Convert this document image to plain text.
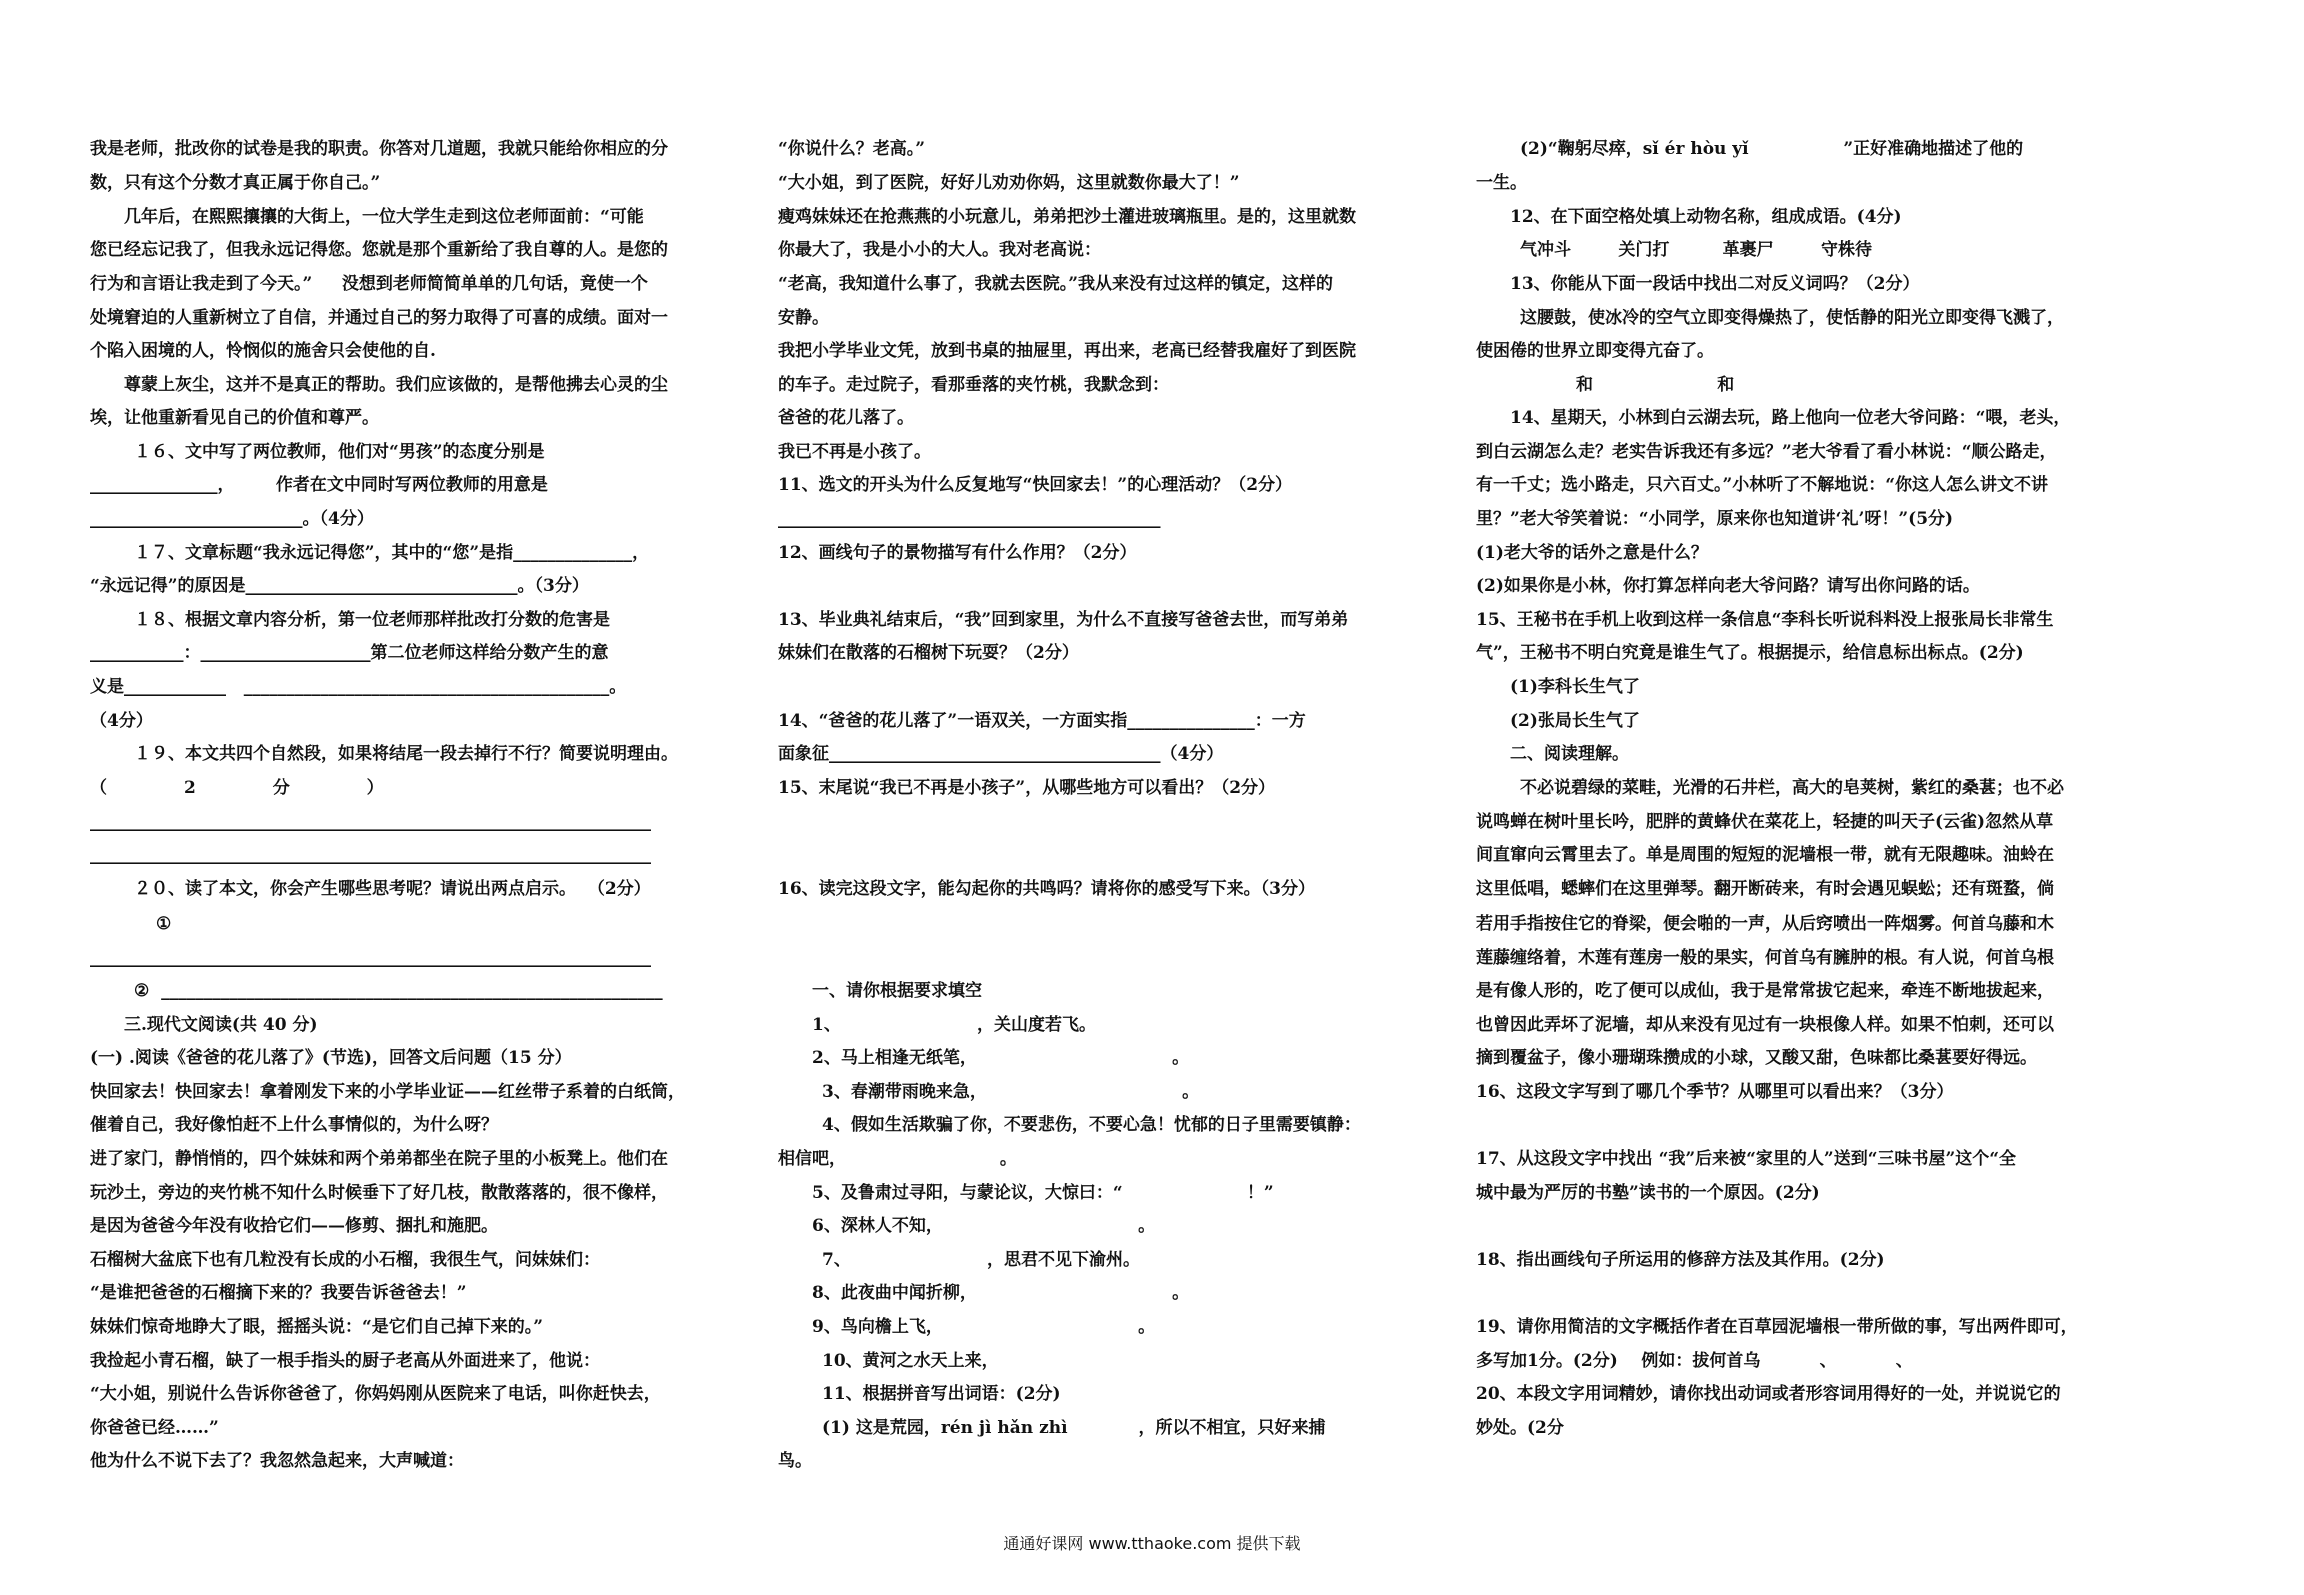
我是老师，批改你的试卷是我的职责。你答对几道题，我就只能给你相应的分
数，只有这个分数才真正属于你自己。”
几年后，在熙熙攘攘的大街上，一位大学生走到这位老师面前：“可能
您已经忘记我了，但我永远记得您。您就是那个重新给了我自尊的人。是您的
行为和言语让我走到了今天。”     没想到老师简简单单的几句话，竟使一个
处境窘迫的人重新树立了自信，并通过自己的努力取得了可喜的成绩。面对一
个陷入困境的人，怜悯似的施舍只会使他的自.
尊蒙上灰尘，这并不是真正的帮助。我们应该做的，是帮他拂去心灵的尘
埃，让他重新看见自己的价值和尊严。
１６、文中写了两位教师，他们对“男孩”的态度分别是
_______________，       作者在文中同时写两位教师的用意是
_________________________。（4分）
１７、文章标题“我永远记得您”，其中的“您”是指______________，
“永远记得”的原因是________________________________。（3分）
１８、根据文章内容分析，第一位老师那样批改打分数的危害是
___________：____________________第二位老师这样给分数产生的意
义是____________   ___________________________________________。
（4分）
１９、本文共四个自然段，如果将结尾一段去掉行不行？简要说明理由。
（             2             分             ）
__________________________________________________________________
__________________________________________________________________
２０、读了本文，你会产生哪些思考呢？请说出两点启示。  （2分）
①
__________________________________________________________________
②  ___________________________________________________________
三.现代文阅读(共 40 分)
(一) .阅读《爸爸的花儿落了》(节选)，回答文后问题（15 分）
快回家去！快回家去！拿着刚发下来的小学毕业证——红丝带子系着的白纸筒，
催着自己，我好像怕赶不上什么事情似的，为什么呀？
进了家门，静悄悄的，四个妹妹和两个弟弟都坐在院子里的小板凳上。他们在
玩沙土，旁边的夹竹桃不知什么时候垂下了好几枝，散散落落的，很不像样，
是因为爸爸今年没有收拾它们——修剪、捆扎和施肥。
石榴树大盆底下也有几粒没有长成的小石榴，我很生气，问妹妹们：
“是谁把爸爸的石榴摘下来的？我要告诉爸爸去！”
妹妹们惊奇地睁大了眼，摇摇头说：“是它们自己掉下来的。”
我捡起小青石榴，缺了一根手指头的厨子老高从外面进来了，他说：
“大小姐，别说什么告诉你爸爸了，你妈妈刚从医院来了电话，叫你赶快去，
你爸爸已经……”
他为什么不说下去了？我忽然急起来，大声喊道：
“你说什么？老高。”
“大小姐，到了医院，好好儿劝劝你妈，这里就数你最大了！”
瘦鸡妹妹还在抢燕燕的小玩意儿，弟弟把沙土灌进玻璃瓶里。是的，这里就数
你最大了，我是小小的大人。我对老高说：
“老高，我知道什么事了，我就去医院。”我从来没有过这样的镇定，这样的
安静。
我把小学毕业文凭，放到书桌的抽屉里，再出来，老高已经替我雇好了到医院
的车子。走过院子，看那垂落的夹竹桃，我默念到：
爸爸的花儿落了。
我已不再是小孩了。
11、选文的开头为什么反复地写“快回家去！”的心理活动？（2分）
_____________________________________________
12、画线句子的景物描写有什么作用？（2分）
13、毕业典礼结束后，“我”回到家里，为什么不直接写爸爸去世，而写弟弟
妹妹们在散落的石榴树下玩耍？（2分）
14、“爸爸的花儿落了”一语双关，一方面实指_______________：一方
面象征_______________________________________（4分）
15、末尾说“我已不再是小孩子”，从哪些地方可以看出？（2分）
16、读完这段文字，能勾起你的共鸣吗？请将你的感受写下来。（3分）
一、请你根据要求填空
1、                       ，关山度若飞。
2、马上相逢无纸笔，                                 。
3、春潮带雨晚来急，                                 。
4、假如生活欺骗了你，不要悲伤，不要心急！忧郁的日子里需要镇静：
相信吧，                          。
5、及鲁肃过寻阳，与蒙论议，大惊曰：“                     ！”
6、深林人不知，                                 。
7、                       ，思君不见下渝州。
8、此夜曲中闻折柳，                                 。
9、鸟向檐上飞，                                 。
10、黄河之水天上来，
11、根据拼音写出词语：(2分)
(1) 这是荒园，rén jì hǎn zhì            ，所以不相宜，只好来捕
鸟。
(2)“鞠躬尽瘁，sǐ ér hòu yǐ                ”正好准确地描述了他的
一生。
12、在下面空格处填上动物名称，组成成语。(4分)
气冲斗        关门打         革裹尸        守株待
13、你能从下面一段话中找出二对反义词吗？（2分）
这腰鼓，使冰冷的空气立即变得燥热了，使恬静的阳光立即变得飞溅了，
使困倦的世界立即变得亢奋了。
和                     和
14、星期天，小林到白云湖去玩，路上他向一位老大爷问路：“喂，老头，
到白云湖怎么走？老实告诉我还有多远？”老大爷看了看小林说：“顺公路走，
有一千丈；选小路走，只六百丈。”小林听了不解地说：“你这人怎么讲文不讲
里？”老大爷笑着说：“小同学，原来你也知道讲‘礼’呀！”(5分)
(1)老大爷的话外之意是什么？
(2)如果你是小林，你打算怎样向老大爷问路？请写出你问路的话。
15、王秘书在手机上收到这样一条信息“李科长听说科料没上报张局长非常生
气”，王秘书不明白究竟是谁生气了。根据提示，给信息标出标点。(2分)
(1)李科长生气了
(2)张局长生气了
二、阅读理解。
不必说碧绿的菜畦，光滑的石井栏，高大的皂荚树，紫红的桑葚；也不必
说鸣蝉在树叶里长吟，肥胖的黄蜂伏在菜花上，轻捷的叫天子(云雀)忽然从草
间直窜向云霄里去了。单是周围的短短的泥墙根一带，就有无限趣味。油蛉在
这里低唱，蟋蟀们在这里弹琴。翻开断砖来，有时会遇见蜈蚣；还有斑蝥，倘
若用手指按住它的脊梁，便会啪的一声，从后窍喷出一阵烟雾。何首乌藤和木
莲藤缠络着，木莲有莲房一般的果实，何首乌有臃肿的根。有人说，何首乌根
是有像人形的，吃了便可以成仙，我于是常常拔它起来，牵连不断地拔起来，
也曾因此弄坏了泥墙，却从来没有见过有一块根像人样。如果不怕刺，还可以
摘到覆盆子，像小珊瑚珠攒成的小球，又酸又甜，色味都比桑葚要好得远。
16、这段文字写到了哪几个季节？从哪里可以看出来？（3分）
17、从这段文字中找出 “我”后来被“家里的人”送到“三味书屋”这个“全
城中最为严厉的书塾”读书的一个原因。(2分)
18、指出画线句子所运用的修辞方法及其作用。(2分)
19、请你用简洁的文字概括作者在百草园泥墙根一带所做的事，写出两件即可，
多写加1分。(2分)    例如：拔何首乌          、          、
20、本段文字用词精妙，请你找出动词或者形容词用得好的一处，并说说它的
妙处。(2分
通通好课网 www.tthaoke.com 提供下载
